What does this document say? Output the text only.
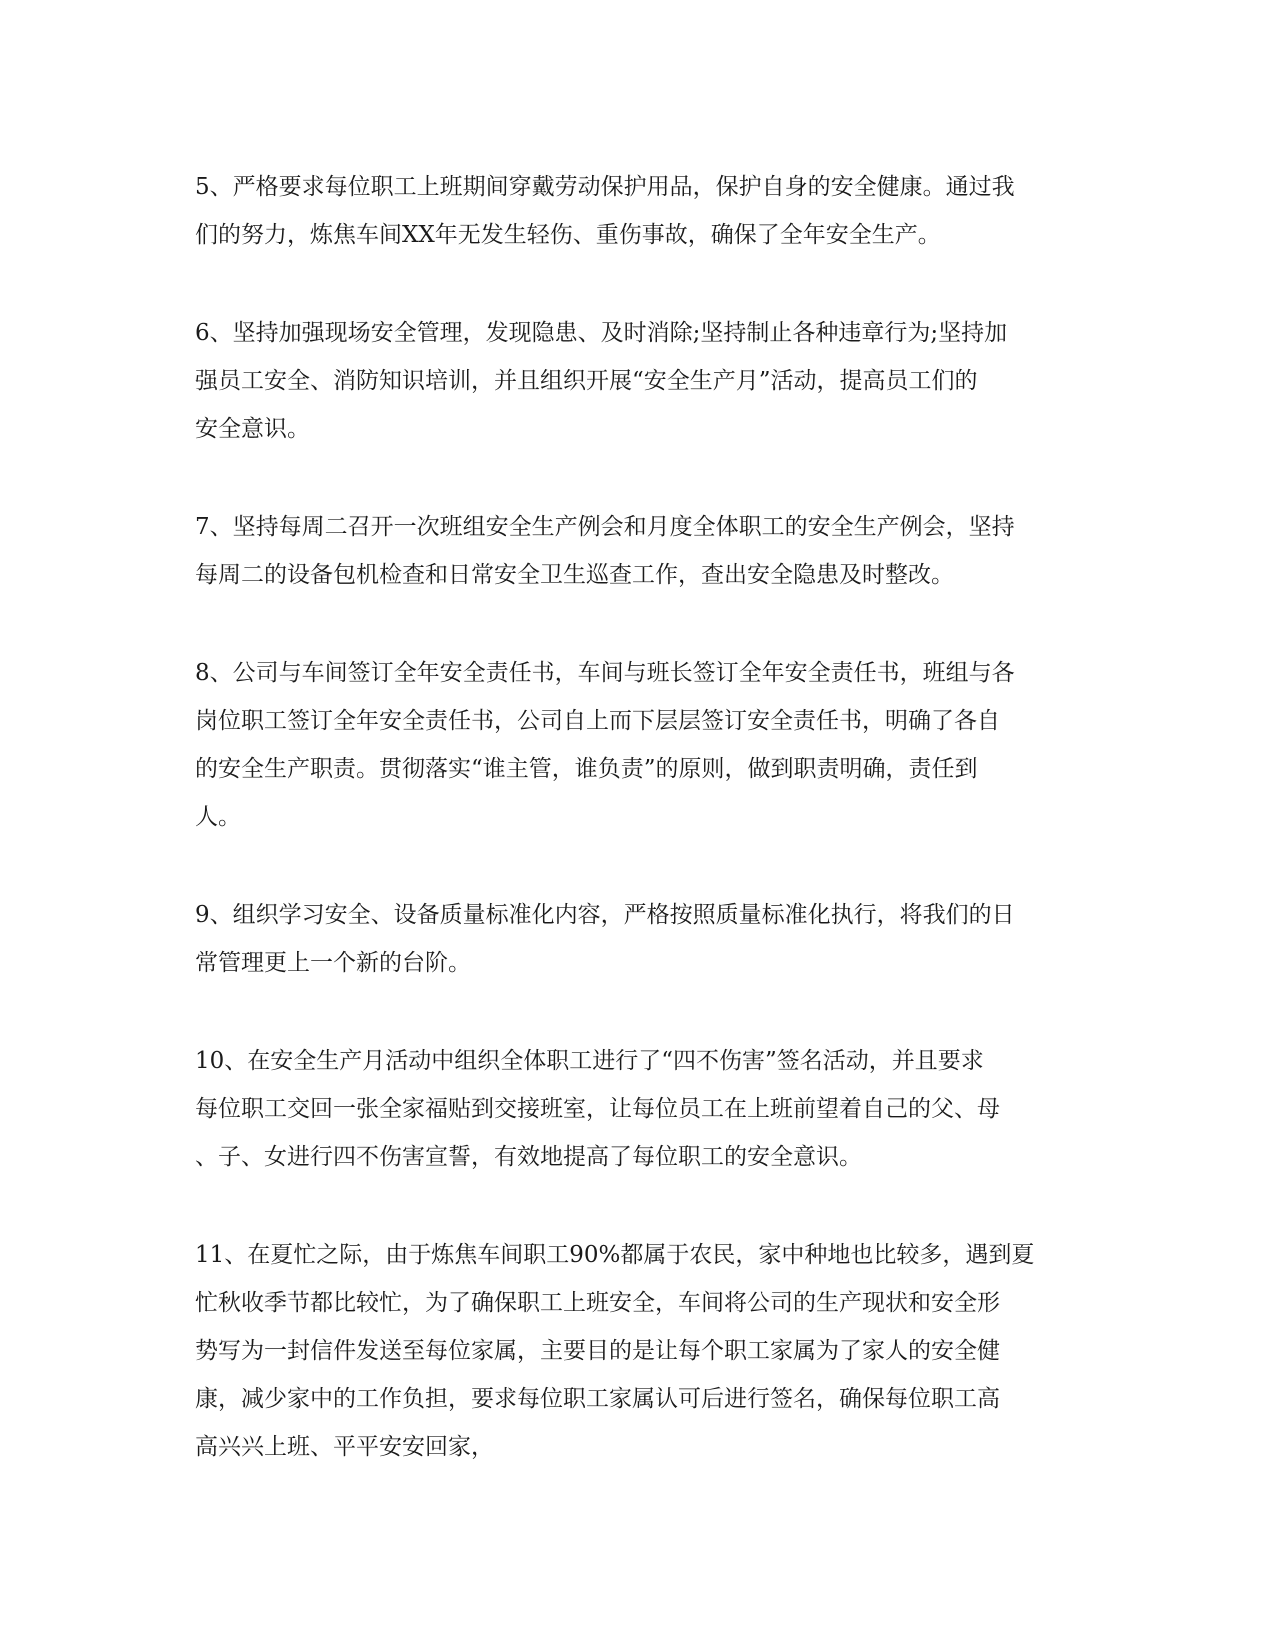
5、严格要求每位职工上班期间穿戴劳动保护用品，保护自身的安全健康。通过我
们的努力，炼焦车间XX年无发生轻伤、重伤事故，确保了全年安全生产。
6、坚持加强现场安全管理，发现隐患、及时消除;坚持制止各种违章行为;坚持加
强员工安全、消防知识培训，并且组织开展“安全生产月”活动，提高员工们的
安全意识。
7、坚持每周二召开一次班组安全生产例会和月度全体职工的安全生产例会，坚持
每周二的设备包机检查和日常安全卫生巡查工作，查出安全隐患及时整改。
8、公司与车间签订全年安全责任书，车间与班长签订全年安全责任书，班组与各
岗位职工签订全年安全责任书，公司自上而下层层签订安全责任书，明确了各自
的安全生产职责。贯彻落实“谁主管，谁负责”的原则，做到职责明确，责任到
人。
9、组织学习安全、设备质量标准化内容，严格按照质量标准化执行，将我们的日
常管理更上一个新的台阶。
10、在安全生产月活动中组织全体职工进行了“四不伤害”签名活动，并且要求
每位职工交回一张全家福贴到交接班室，让每位员工在上班前望着自己的父、母
、子、女进行四不伤害宣誓，有效地提高了每位职工的安全意识。
11、在夏忙之际，由于炼焦车间职工90%都属于农民，家中种地也比较多，遇到夏
忙秋收季节都比较忙，为了确保职工上班安全，车间将公司的生产现状和安全形
势写为一封信件发送至每位家属，主要目的是让每个职工家属为了家人的安全健
康，减少家中的工作负担，要求每位职工家属认可后进行签名，确保每位职工高
高兴兴上班、平平安安回家，
